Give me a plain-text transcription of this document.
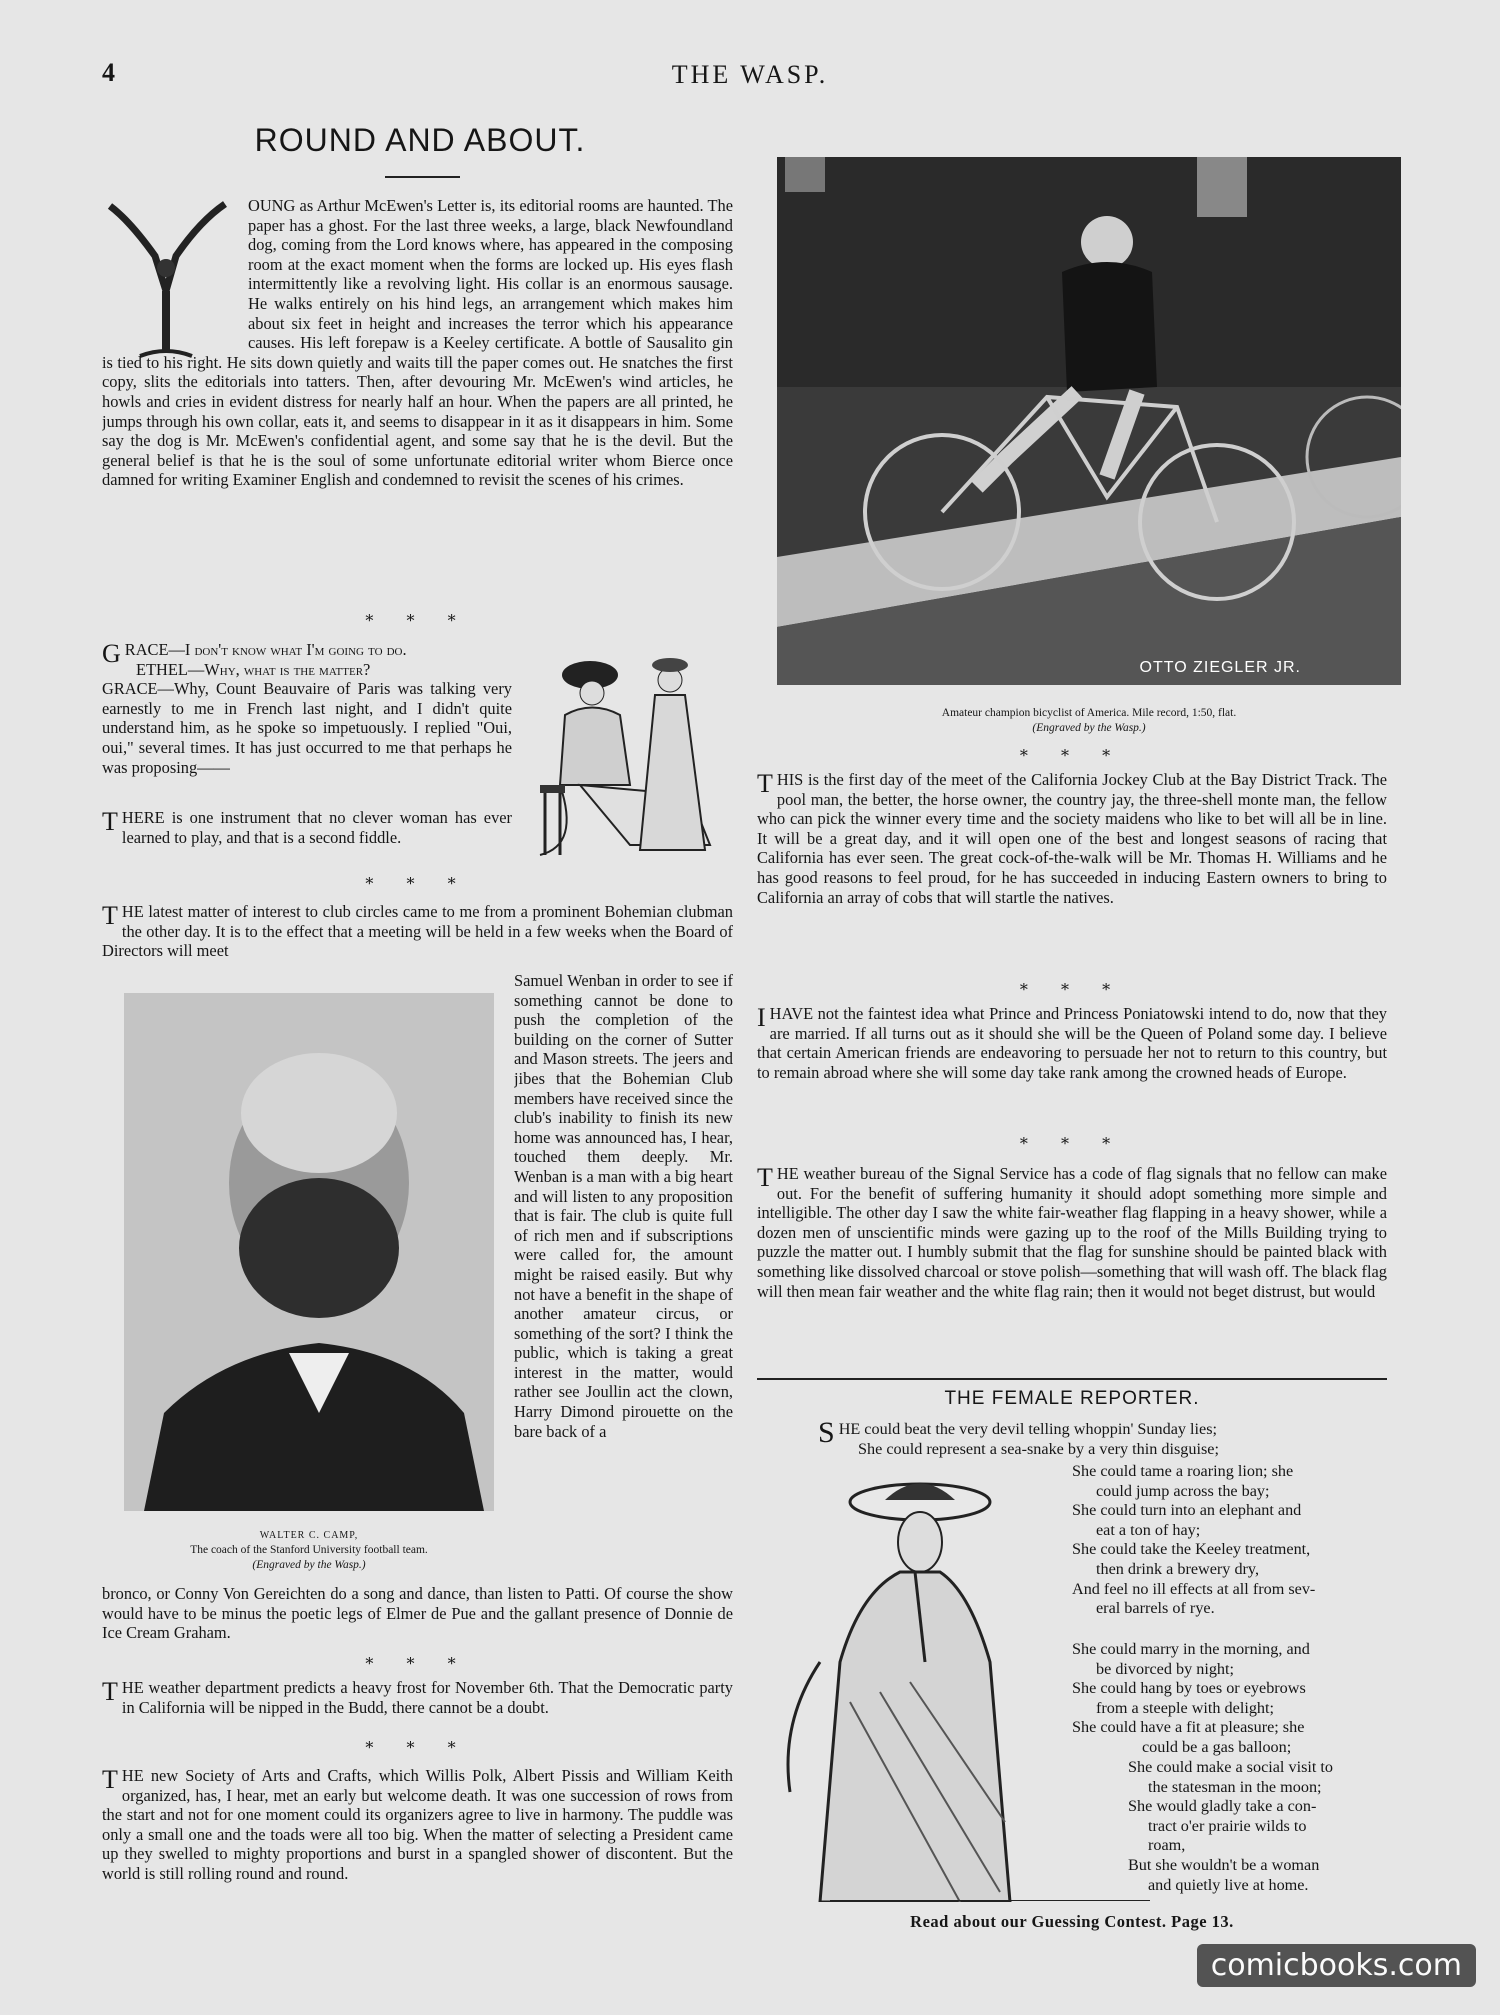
4	THE WASP.
ROUND AND ABOUT.

OUNG as Arthur McEwen's Letter is, its editorial rooms are haunted. The paper has a ghost. For the last three weeks, a large, black Newfoundland dog, coming from the Lord knows where, has appeared in the composing room at the exact moment when the forms are locked up. His eyes flash intermittently like a revolving light. His collar is an enormous sausage. He walks entirely on his hind legs, an arrangement which makes him about six feet in height and increases the terror which his appearance causes. His left forepaw is a Keeley certificate. A bottle of Sausalito gin is tied to his right. He sits down quietly and waits till the paper comes out. He snatches the first copy, slits the editorials into tatters. Then, after devouring Mr. McEwen's wind articles, he howls and cries in evident distress for nearly half an hour. When the papers are all printed, he jumps through his own collar, eats it, and seems to disappear in it as it disappears in him. Some say the dog is Mr. McEwen's confidential agent, and some say that he is the devil. But the general belief is that he is the soul of some unfortunate editorial writer whom Bierce once damned for writing Examiner English and condemned to revisit the scenes of his crimes.

* * *

GRACE—I don't know what I'm going to do.

ETHEL—Why, what is the matter?

GRACE—Why, Count Beauvaire of Paris was talking very earnestly to me in French last night, and I didn't quite understand him, as he spoke so impetuously. I replied "Oui, oui," several times. It has just occurred to me that perhaps he was proposing——

THERE is one instrument that no clever woman has ever learned to play, and that is a second fiddle.

* * *

THE latest matter of interest to club circles came to me from a prominent Bohemian clubman the other day. It is to the effect that a meeting will be held in a few weeks when the Board of Directors will meet

WALTER C. CAMP,
The coach of the Stanford University football team.
(Engraved by the Wasp.)

Samuel Wenban in order to see if something cannot be done to push the completion of the building on the corner of Sutter and Mason streets. The jeers and jibes that the Bohemian Club members have received since the club's inability to finish its new home was announced has, I hear, touched them deeply. Mr. Wenban is a man with a big heart and will listen to any proposition that is fair. The club is quite full of rich men and if subscriptions were called for, the amount might be raised easily. But why not have a benefit in the shape of another amateur circus, or something of the sort? I think the public, which is taking a great interest in the matter, would rather see Joullin act the clown, Harry Dimond pirouette on the bare back of a

bronco, or Conny Von Gereichten do a song and dance, than listen to Patti. Of course the show would have to be minus the poetic legs of Elmer de Pue and the gallant presence of Donnie de Ice Cream Graham.

* * *

THE weather department predicts a heavy frost for November 6th. That the Democratic party in California will be nipped in the Budd, there cannot be a doubt.

* * *

THE new Society of Arts and Crafts, which Willis Polk, Albert Pissis and William Keith organized, has, I hear, met an early but welcome death. It was one succession of rows from the start and not for one moment could its organizers agree to live in harmony. The puddle was only a small one and the toads were all too big. When the matter of selecting a President came up they swelled to mighty proportions and burst in a spangled shower of discontent. But the world is still rolling round and round.

OTTO ZIEGLER JR.
Amateur champion bicyclist of America. Mile record, 1:50, flat.
(Engraved by the Wasp.)
* * *

THIS is the first day of the meet of the California Jockey Club at the Bay District Track. The pool man, the better, the horse owner, the country jay, the three-shell monte man, the fellow who can pick the winner every time and the society maidens who like to bet will all be in line. It will be a great day, and it will open one of the best and longest seasons of racing that California has ever seen. The great cock-of-the-walk will be Mr. Thomas H. Williams and he has good reasons to feel proud, for he has succeeded in inducing Eastern owners to bring to California an array of cobs that will startle the natives.

* * *

IHAVE not the faintest idea what Prince and Princess Poniatowski intend to do, now that they are married. If all turns out as it should she will be the Queen of Poland some day. I believe that certain American friends are endeavoring to persuade her not to return to this country, but to remain abroad where she will some day take rank among the crowned heads of Europe.

* * *

THE weather bureau of the Signal Service has a code of flag signals that no fellow can make out. For the benefit of suffering humanity it should adopt something more simple and intelligible. The other day I saw the white fair-weather flag flapping in a heavy shower, while a dozen men of unscientific minds were gazing up to the roof of the Mills Building trying to puzzle the matter out. I humbly submit that the flag for sunshine should be painted black with something like dissolved charcoal or stove polish—something that will wash off. The black flag will then mean fair weather and the white flag rain; then it would not beget distrust, but would

THE FEMALE REPORTER.
SHE could beat the very devil telling whoppin' Sunday lies;
She could represent a sea-snake by a very thin disguise;
She could tame a roaring lion; she
could jump across the bay;
She could turn into an elephant and
eat a ton of hay;
She could take the Keeley treatment,
then drink a brewery dry,
And feel no ill effects at all from sev-
eral barrels of rye.
She could marry in the morning, and
be divorced by night;
She could hang by toes or eyebrows
from a steeple with delight;
She could have a fit at pleasure; she
could be a gas balloon;
She could make a social visit to
the statesman in the moon;
She would gladly take a con-
tract o'er prairie wilds to
roam,
But she wouldn't be a woman
and quietly live at home.
Read about our Guessing Contest. Page 13.
comicbooks.com
